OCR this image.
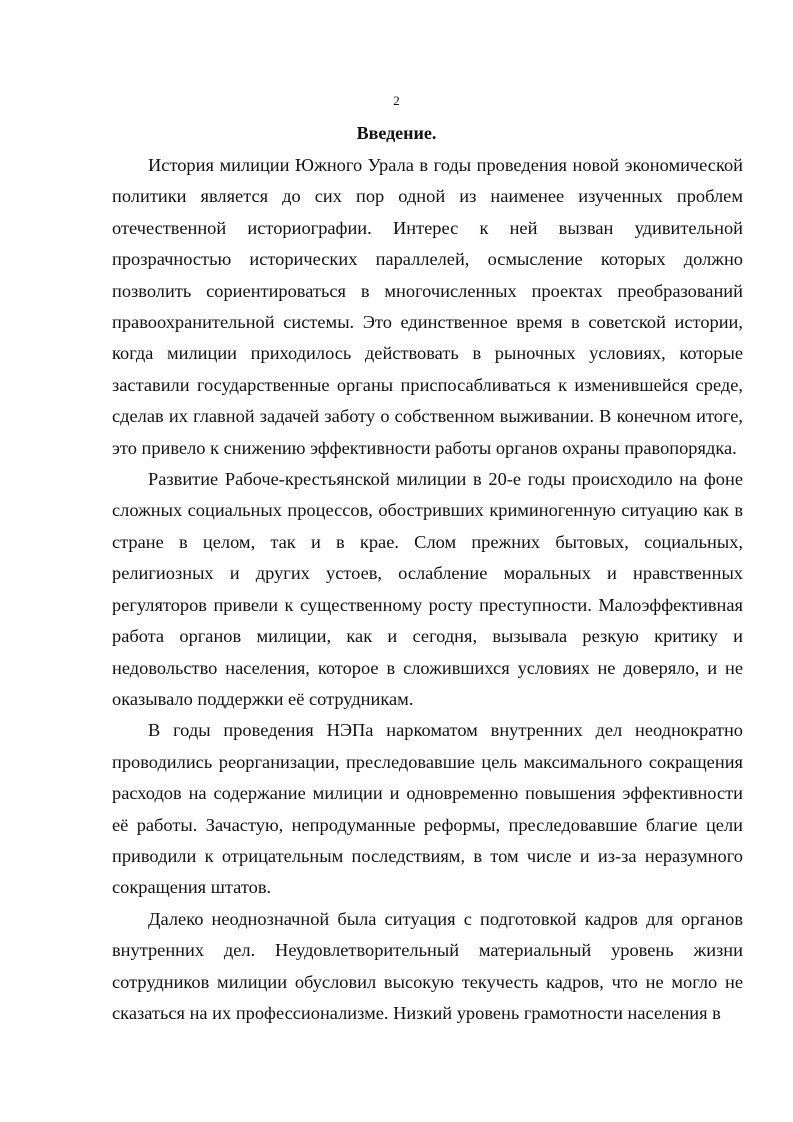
2
Введение.

История милиции Южного Урала в годы проведения новой экономической политики является до сих пор одной из наименее изученных проблем отечественной историографии. Интерес к ней вызван удивительной прозрачностью исторических параллелей, осмысление которых должно позволить сориентироваться в многочисленных проектах преобразований правоохранительной системы. Это единственное время в советской истории, когда милиции приходилось действовать в рыночных условиях, которые заставили государственные органы приспосабливаться к изменившейся среде, сделав их главной задачей заботу о собственном выживании. В конечном итоге, это привело к снижению эффективности работы органов охраны правопорядка.

Развитие Рабоче-крестьянской милиции в 20-е годы происходило на фоне сложных социальных процессов, обостривших криминогенную ситуацию как в стране в целом, так и в крае. Слом прежних бытовых, социальных, религиозных и других устоев, ослабление моральных и нравственных регуляторов привели к существенному росту преступности. Малоэффективная работа органов милиции, как и сегодня, вызывала резкую критику и недовольство населения, которое в сложившихся условиях не доверяло, и не оказывало поддержки её сотрудникам.

В годы проведения НЭПа наркоматом внутренних дел неоднократно проводились реорганизации, преследовавшие цель максимального сокращения расходов на содержание милиции и одновременно повышения эффективности её работы. Зачастую, непродуманные реформы, преследовавшие благие цели приводили к отрицательным последствиям, в том числе и из-за неразумного сокращения штатов.

Далеко неоднозначной была ситуация с подготовкой кадров для органов внутренних дел. Неудовлетворительный материальный уровень жизни сотрудников милиции обусловил высокую текучесть кадров, что не могло не сказаться на их профессионализме. Низкий уровень грамотности населения в
